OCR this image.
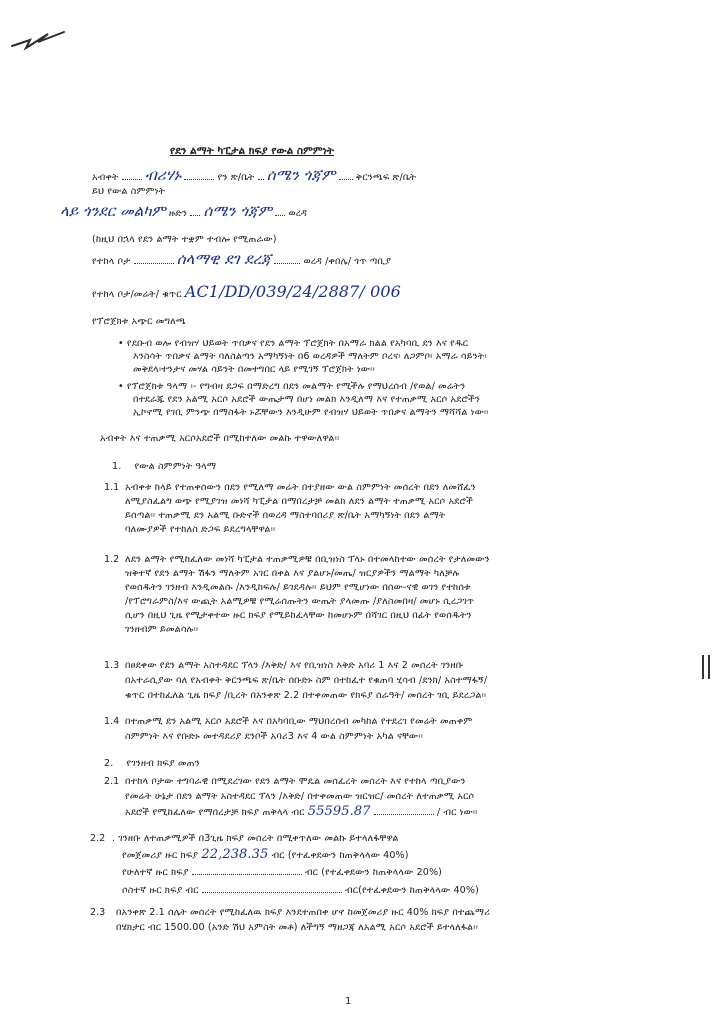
የደን ልማት ካፒታል ክፍያ የውል ስምምነት
አብቀት ብሪሃኑ	የን ጽ/ቤት ሰሜን ጎጃም ቅርንጫፍ ጽ/ቤት
ይህ የውል ስምምነት
ላይ ጎንደር መልካም ዙድን ሰሜን ጎጃም ወረዳ
(ከዚህ በኋላ የደን ልማት ተቋም ተብሎ የሚጠራው)
የተከላ ቦታ	ሰላማዊ ደገ ደረጃ	ወረዳ /ቀበሌ/ ጎጥ ጣቢያ
የተከላ ቦታ/መሬት/ ቁጥር AC1/DD/039/24/2887/ 006
የፕሮጀክቱ አጭር መግለጫ
• የደቡብ ወሎ የብዝሃ ህይወት ጥበቃና የደን ልማት ፕሮጀክት በአማራ ክልል የአካባቢ ደን እና የዱር
እንስሳት ጥበቃና ልማት ባለስልጣን አማካኝነት በ6 ወረዳዎች ማለትም ቦረና፡ ለጋምቦ፡ አማራ ሳይንት፡
መቅደላ፡ተንታና መሃል ሳይንት በመተግበር ላይ የሚገኝ ፕሮጀክት ነው፡፡
• የፕሮጀክቱ ዓላማ ፡- የግብዛ ደጋፍ በማድረግ በደን መልማት የሚችሉ የማህረሰብ /የወል/ መሬትን
በተደራጁ የደን አልሚ አርሶ አደሮች ውጤታማ በሆነ መልክ እንዲለማ እና የተጠቃሚ አርሶ አደሮችን
ኢኮኖሚ የገቢ ምንጭ በማስፋት ኑሯቸውን እንዲሁም የብዝሃ ህይወት ጥበቃና ልማትን ማሻሻል ነው፡፡
አብቀት እና ተጠቃሚ አርሶአደሮች በሚከተለው መልኩ ተዋውለዋል፡፡
1. የውል ስምምነት ዓላማ
1.1 አብቀቱ ከላይ የተጠቀሰውን በደን የሚለማ መሬት በተያዘው ውል ስምምነት መሰረት በደን ለመሸፈን
ለሚያስፈልግ ወጭ የሚያገዝ መነሻ ካፒታል በማበረታቻ መልክ ለደን ልማት ተጠቃሚ አርሶ አደሮች
ይሰጣል፡፡ ተጠቃሚ ደን አልሚ ቡድኖች በወረዳ ማስተባበሪያ ጽ/ቤት አማካኝነት በደን ልማት
ባለሙያዎች የተከለስ ድጋፍ ይደረግላቸዋል፡፡
1.2 ለደን ልማት የሚከፈለው መነሻ ካፒታል ተጠቃሚዎቹ በቢዝነስ ፕላኑ በተመላከተው መሰረት የታለመውን
ዝቅተኛ የደን ልማት ሽፋን ማለትም አገር በቀል እና ያልሆኑ/መጤ/ ዝርያዎችን ማልማት ካለቻሉ
የወሰዱትን ገንዘብ እንዲመልሱ /እንዲከፍሉ/ ይገደዳሉ፡፡ ይህም የሚሆነው በሰው-ናዊ ወገን የተከሰቱ
/የፕሮግራምስ/እና ውጪት አልሚዎቹ የሚሬሰጡትን ውጤት ያላመጡ /ያለስመበዛ/ መሆኑ ሲረጋገጥ
ሲሆን በዚህ ጊዜ የሚታቀተው ዙር ክፍያ የሚይከፈላቸው ከመሆኑም በሻገር በዚህ በፊት የወሰዱትን
ገንዘብም ይመልሳሉ፡፡
1.3 በፀደቀው የደን ልማት አስተዳደር ፕላን /እቅድ/ እና የቢዝነስ እቅድ አባሪ 1 እና 2 መሰረት ገንዘቡ
በአተራሲያው ባለ የአብቀት ቅርንጫፍ ጽ/ቤት በቡድኑ ስም በተከፈተ የቁጠባ ሂሳብ /ደንክ/ አስተማፋኝ/
ቁጥር በተከፈለል ጊዜ ክፍያ /ቢረት በአንቀጽ 2.2 በተቀመጠው የክፍያ ሰራዓት/ መሰረት ገቢ ይደረጋል፡፡
1.4 በተጠቃሚ ደን አልሚ አርሶ አደሮች እና በአካባቢው ማህበረሰብ መካከል የተደረገ የመሬት መጠቀም
ስምምነት እና የቡድኑ መተዳደሪያ ደንቦች አባሪ3 እና 4 ውል ስምምነት አካል ናቸው፡፡
2. የገንዘብ ክፍያ መጠን
2.1 በተከላ ቦታው ተግባራዊ በሚደረገው የደን ልማት ሞዴል መሰፈረት መሰረት እና የተከላ ጣቢያውን
የመሬት ሁኔታ በደን ልማት አስተዳደር ፕላን /እቅድ/ በተቀመጠው ዝርዝር/ መሰረት ለተጠቃሚ አርሶ
አደሮች የሚከፈለው የማበረታቻ ክፍያ ጠቅላላ ብር 55595.87	/ ብር ነው፡፡
2.2 . ገንዘቡ ለተጠቃሚዎች በ3ጊዜ ክፍያ መሰረት በሚቀጥለው መልኩ ይተላለፋቸዋል
የመጀመሪያ ዙር ክፍያ 22,238.35 ብር (የተፈቀደውን ከጠቅላላው 40%)
የሁለተኛ ዙር ክፍያ	ብር (የተፈቀደውን ከጠቅላላው 20%)
ሶስተኛ ዙር ክፍያ ብር	ብር(የተፈቀደውን ከጠቅላላው 40%)
2.3 በአንቀጽ 2.1 ሰሌት መሰረት የሚከፈለዉ ክፍያ እንደተጠበቀ ሆኖ ከመጀመሪያ ዙር 40% ክፍያ በተጨማሪ
በሄክታር ብር 1500.00 (አንድ ሽህ አምስት መቶ) ለችግኝ ማዘጋጃ ለአልሚ አርሶ አደሮች ይተላለፋል፡፡
1
